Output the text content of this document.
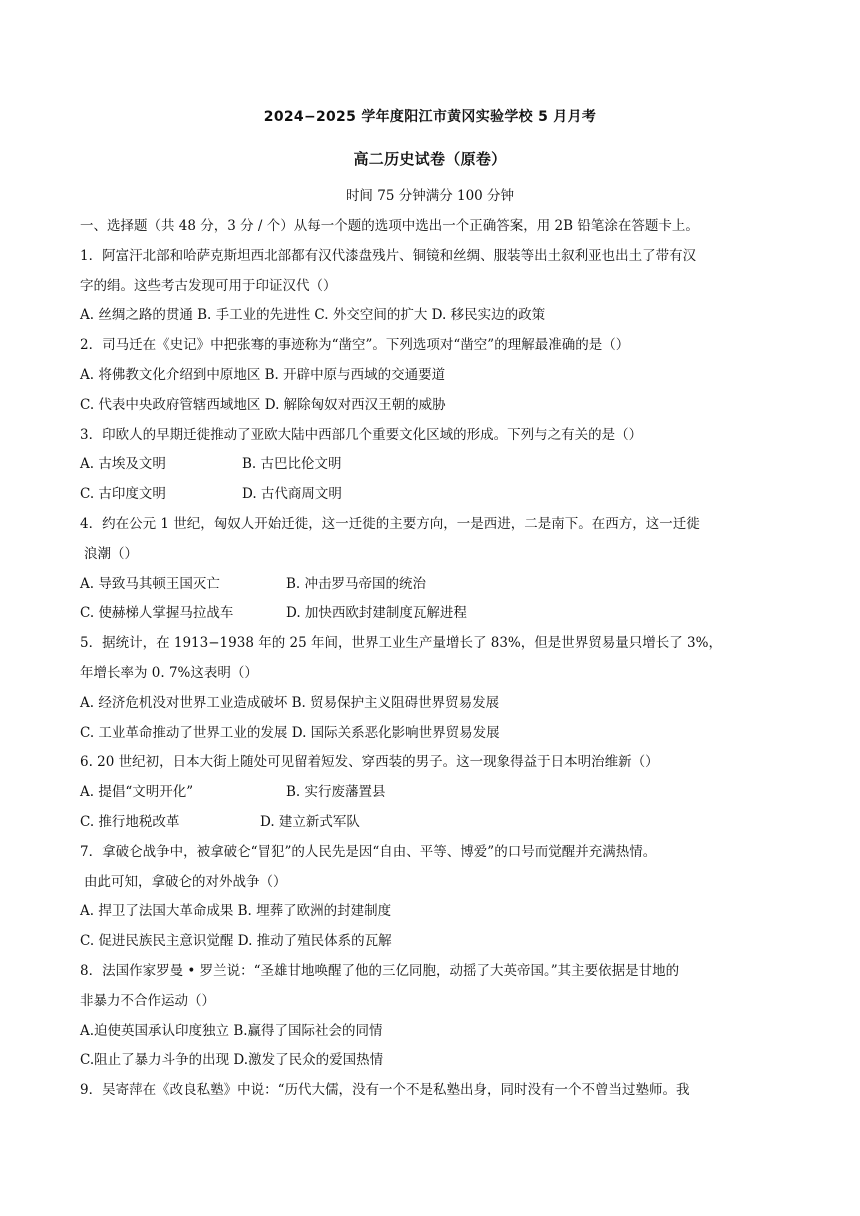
2024−2025 学年度阳江市黄冈实验学校 5 月月考
高二历史试卷（原卷）
时间 75 分钟满分 100 分钟
一、选择题（共 48 分，3 分 / 个）从每一个题的选项中选出一个正确答案，用 2B 铅笔涂在答题卡上。
1．阿富汗北部和哈萨克斯坦西北部都有汉代漆盘残片、铜镜和丝绸、服装等出土叙利亚也出土了带有汉
字的绢。这些考古发现可用于印证汉代（）
A. 丝绸之路的贯通 B. 手工业的先进性 C. 外交空间的扩大 D. 移民实边的政策
2．司马迁在《史记》中把张骞的事迹称为“凿空”。下列选项对“凿空”的理解最准确的是（）
A. 将佛教文化介绍到中原地区 B. 开辟中原与西域的交通要道
C. 代表中央政府管辖西域地区 D. 解除匈奴对西汉王朝的威胁
3．印欧人的早期迁徙推动了亚欧大陆中西部几个重要文化区域的形成。下列与之有关的是（）
A. 古埃及文明	B. 古巴比伦文明
C. 古印度文明	D. 古代商周文明
4．约在公元 1 世纪，匈奴人开始迁徙，这一迁徙的主要方向，一是西进，二是南下。在西方，这一迁徙
浪潮（）
A. 导致马其顿王国灭亡	B. 冲击罗马帝国的统治
C. 使赫梯人掌握马拉战车	D. 加快西欧封建制度瓦解进程
5．据统计，在 1913−1938 年的 25 年间，世界工业生产量增长了 83%，但是世界贸易量只增长了 3%，
年增长率为 0. 7%这表明（）
A. 经济危机没对世界工业造成破坏 B. 贸易保护主义阻碍世界贸易发展
C. 工业革命推动了世界工业的发展 D. 国际关系恶化影响世界贸易发展
6. 20 世纪初，日本大街上随处可见留着短发、穿西装的男子。这一现象得益于日本明治维新（）
A. 提倡“文明开化”	B. 实行废藩置县
C. 推行地税改革	D. 建立新式军队
7．拿破仑战争中，被拿破仑“冒犯”的人民先是因“自由、平等、博爱”的口号而觉醒并充满热情。
由此可知，拿破仑的对外战争（）
A. 捍卫了法国大革命成果 B. 埋葬了欧洲的封建制度
C. 促进民族民主意识觉醒 D. 推动了殖民体系的瓦解
8．法国作家罗曼 • 罗兰说：“圣雄甘地唤醒了他的三亿同胞，动摇了大英帝国。”其主要依据是甘地的
非暴力不合作运动（）
A.迫使英国承认印度独立 B.赢得了国际社会的同情
C.阻止了暴力斗争的出现 D.激发了民众的爱国热情
9．吴寄萍在《改良私塾》中说：“历代大儒，没有一个不是私塾出身，同时没有一个不曾当过塾师。我
